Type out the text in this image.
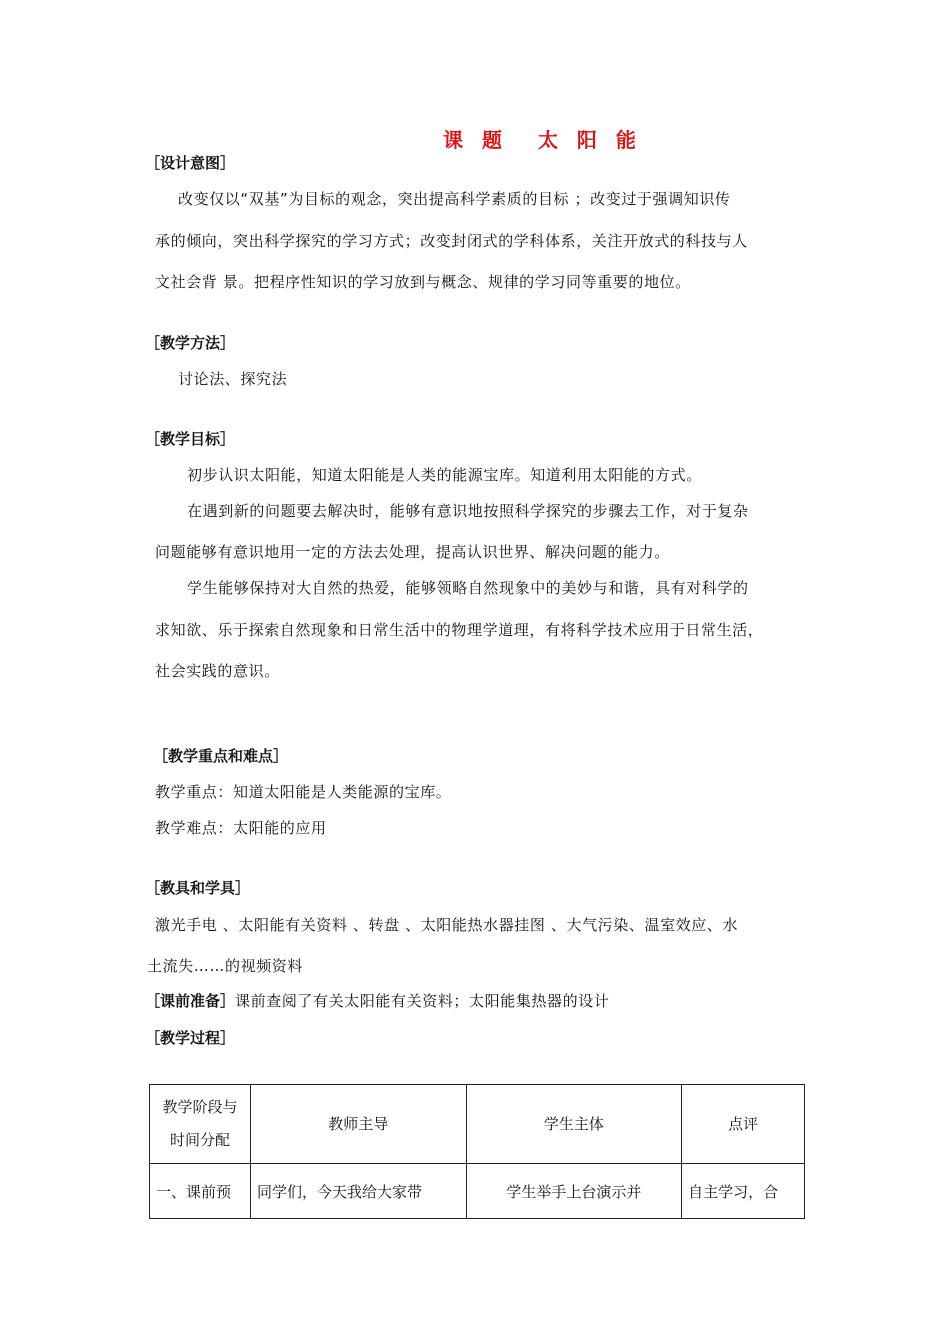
课 题 太 阳 能
［设计意图］
改变仅以“双基”为目标的观念，突出提高科学素质的目标 ；改变过于强调知识传
承的倾向，突出科学探究的学习方式；改变封闭式的学科体系，关注开放式的科技与人
文社会背 景。把程序性知识的学习放到与概念、规律的学习同等重要的地位。
［教学方法］
讨论法、探究法
［教学目标］
初步认识太阳能，知道太阳能是人类的能源宝库。知道利用太阳能的方式。
在遇到新的问题要去解决时，能够有意识地按照科学探究的步骤去工作，对于复杂
问题能够有意识地用一定的方法去处理，提高认识世界、解决问题的能力。
学生能够保持对大自然的热爱，能够领略自然现象中的美妙与和谐，具有对科学的
求知欲、乐于探索自然现象和日常生活中的物理学道理，有将科学技术应用于日常生活，
社会实践的意识。
［教学重点和难点］
教学重点：知道太阳能是人类能源的宝库。
教学难点：太阳能的应用
［教具和学具］
激光手电 、太阳能有关资料 、转盘 、太阳能热水器挂图 、大气污染、温室效应、水
土流失……的视频资料
［课前准备］课前查阅了有关太阳能有关资料；太阳能集热器的设计
［教学过程］
教学阶段与时间分配	教师主导	学生主体	点评
一、课前预	同学们，今天我给大家带	学生举手上台演示并	自主学习，合
